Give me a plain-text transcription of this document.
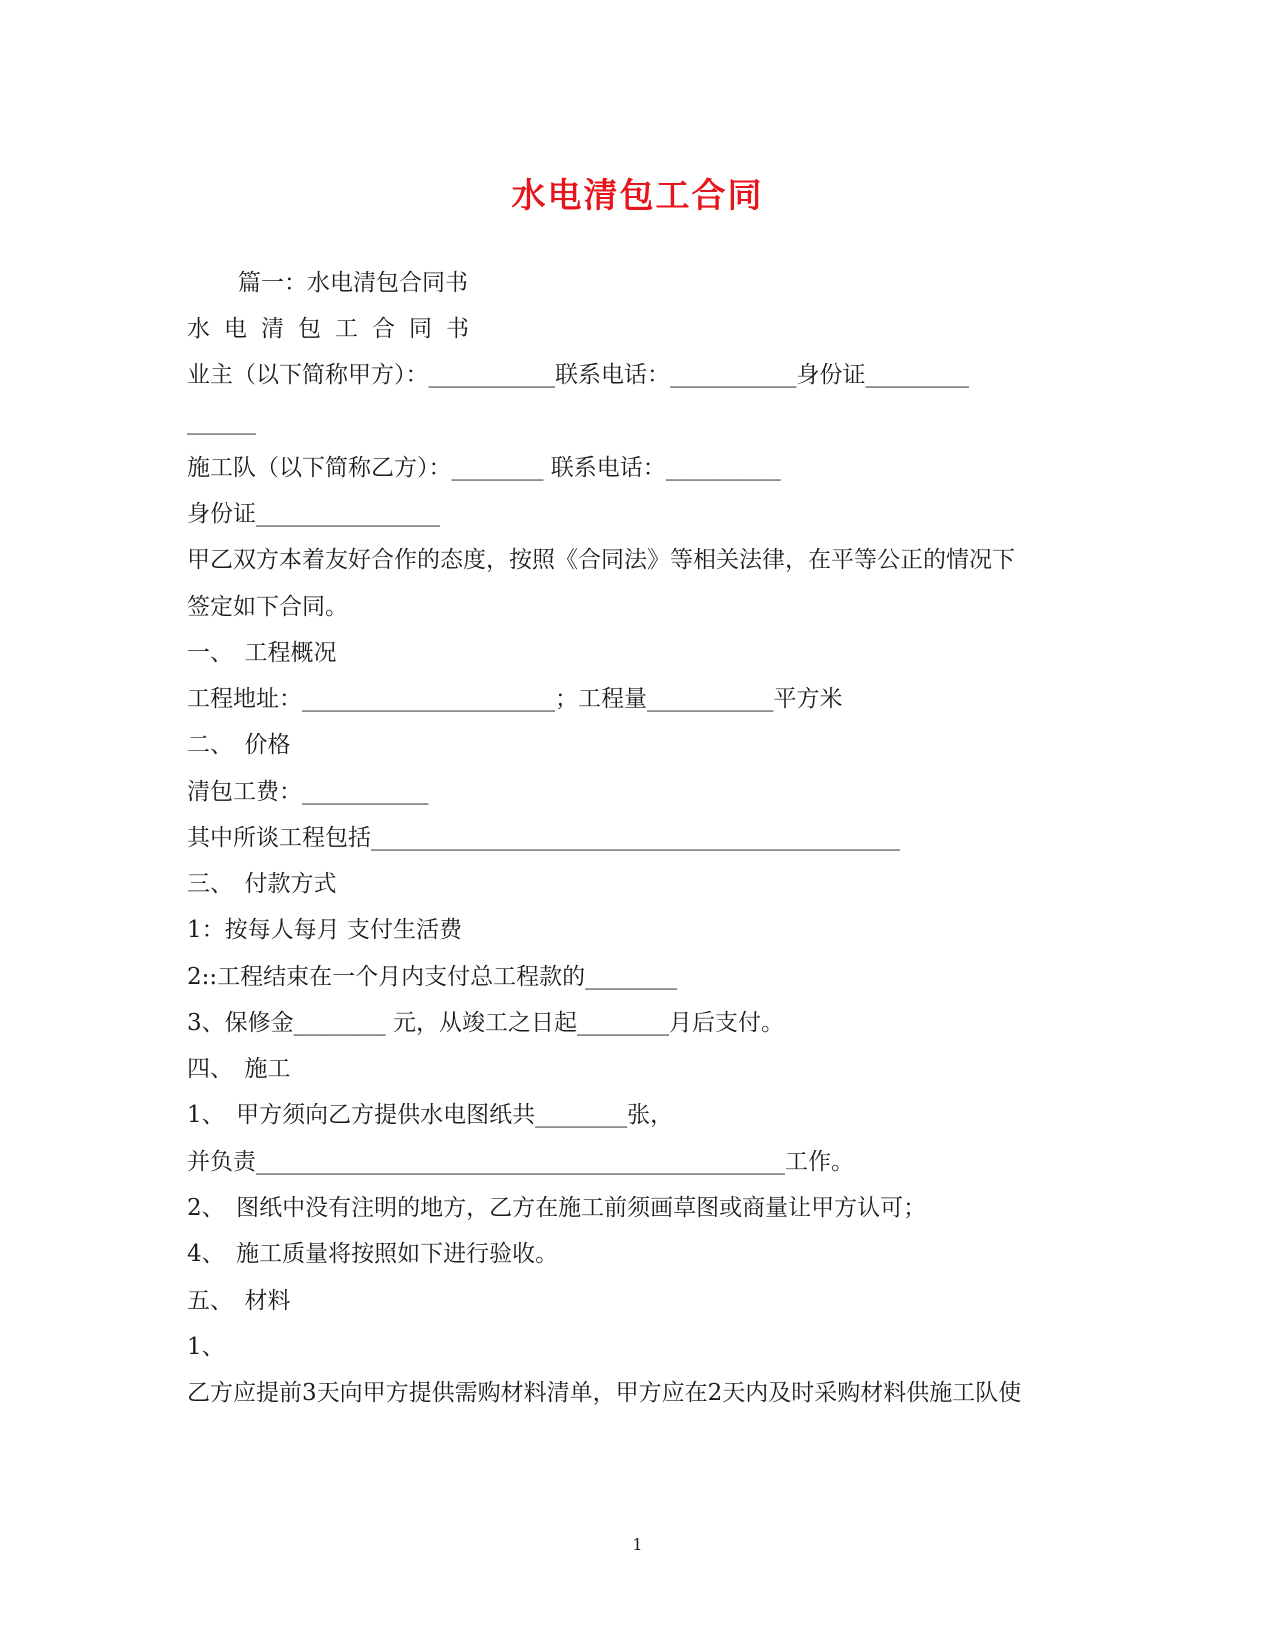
水电清包工合同
篇一：水电清包合同书
水电清包工合同书
业主（以下简称甲方）：___________联系电话：___________身份证_________
______
施工队（以下简称乙方）：________ 联系电话：__________
身份证________________
甲乙双方本着友好合作的态度，按照《合同法》等相关法律，在平等公正的情况下
签定如下合同。
一、　工程概况
工程地址：______________________；工程量___________平方米
二、　价格
清包工费：___________
其中所谈工程包括______________________________________________
三、　付款方式
1：按每人每月 支付生活费
2::工程结束在一个月内支付总工程款的________
3、保修金________ 元，从竣工之日起________月后支付。
四、　施工
1、　甲方须向乙方提供水电图纸共________张，
并负责______________________________________________工作。
2、　图纸中没有注明的地方，乙方在施工前须画草图或商量让甲方认可；
4、　施工质量将按照如下进行验收。
五、　材料
1、
乙方应提前3天向甲方提供需购材料清单，甲方应在2天内及时采购材料供施工队使
1
